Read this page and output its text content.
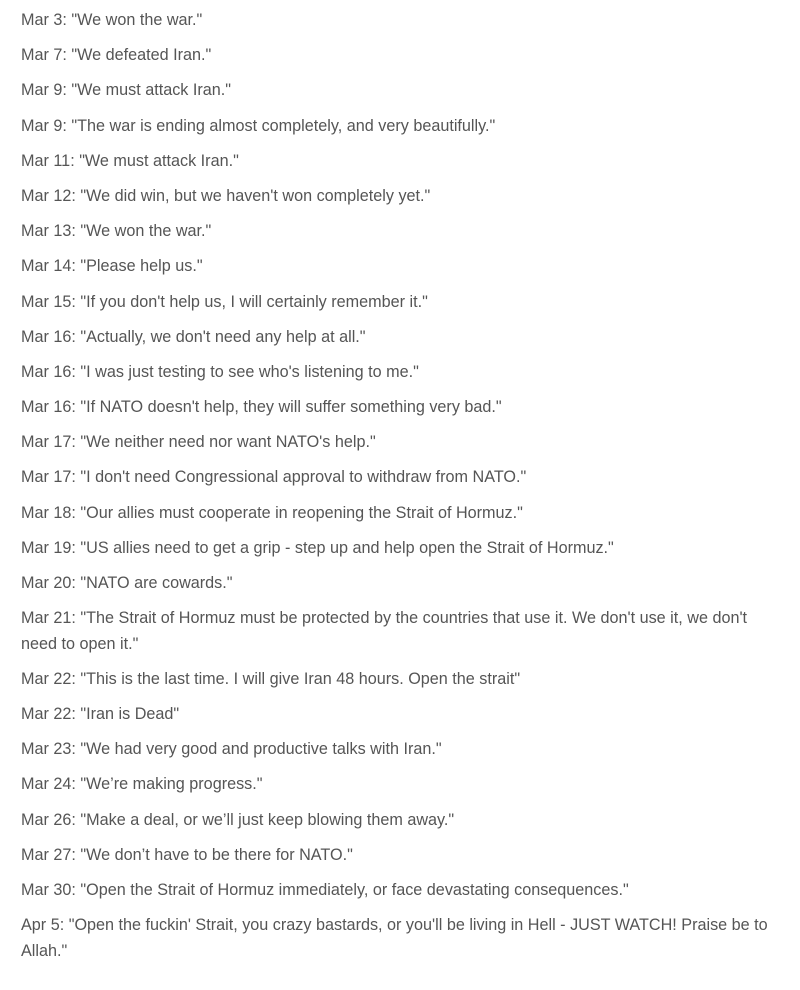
Mar 3: "We won the war."
Mar 7: "We defeated Iran."
Mar 9: "We must attack Iran."
Mar 9: "The war is ending almost completely, and very beautifully."
Mar 11: "We must attack Iran."
Mar 12: "We did win, but we haven't won completely yet."
Mar 13: "We won the war."
Mar 14: "Please help us."
Mar 15: "If you don't help us, I will certainly remember it."
Mar 16: "Actually, we don't need any help at all."
Mar 16: "I was just testing to see who's listening to me."
Mar 16: "If NATO doesn't help, they will suffer something very bad."
Mar 17: "We neither need nor want NATO's help."
Mar 17: "I don't need Congressional approval to withdraw from NATO."
Mar 18: "Our allies must cooperate in reopening the Strait of Hormuz."
Mar 19: "US allies need to get a grip - step up and help open the Strait of Hormuz."
Mar 20: "NATO are cowards."
Mar 21: "The Strait of Hormuz must be protected by the countries that use it. We don't use it, we don't need to open it."
Mar 22: "This is the last time. I will give Iran 48 hours. Open the strait"
Mar 22: "Iran is Dead"
Mar 23: "We had very good and productive talks with Iran."
Mar 24: "We’re making progress."
Mar 26: "Make a deal, or we’ll just keep blowing them away."
Mar 27: "We don’t have to be there for NATO."
Mar 30: "Open the Strait of Hormuz immediately, or face devastating consequences."
Apr 5: "Open the fuckin' Strait, you crazy bastards, or you'll be living in Hell - JUST WATCH! Praise be to Allah."
